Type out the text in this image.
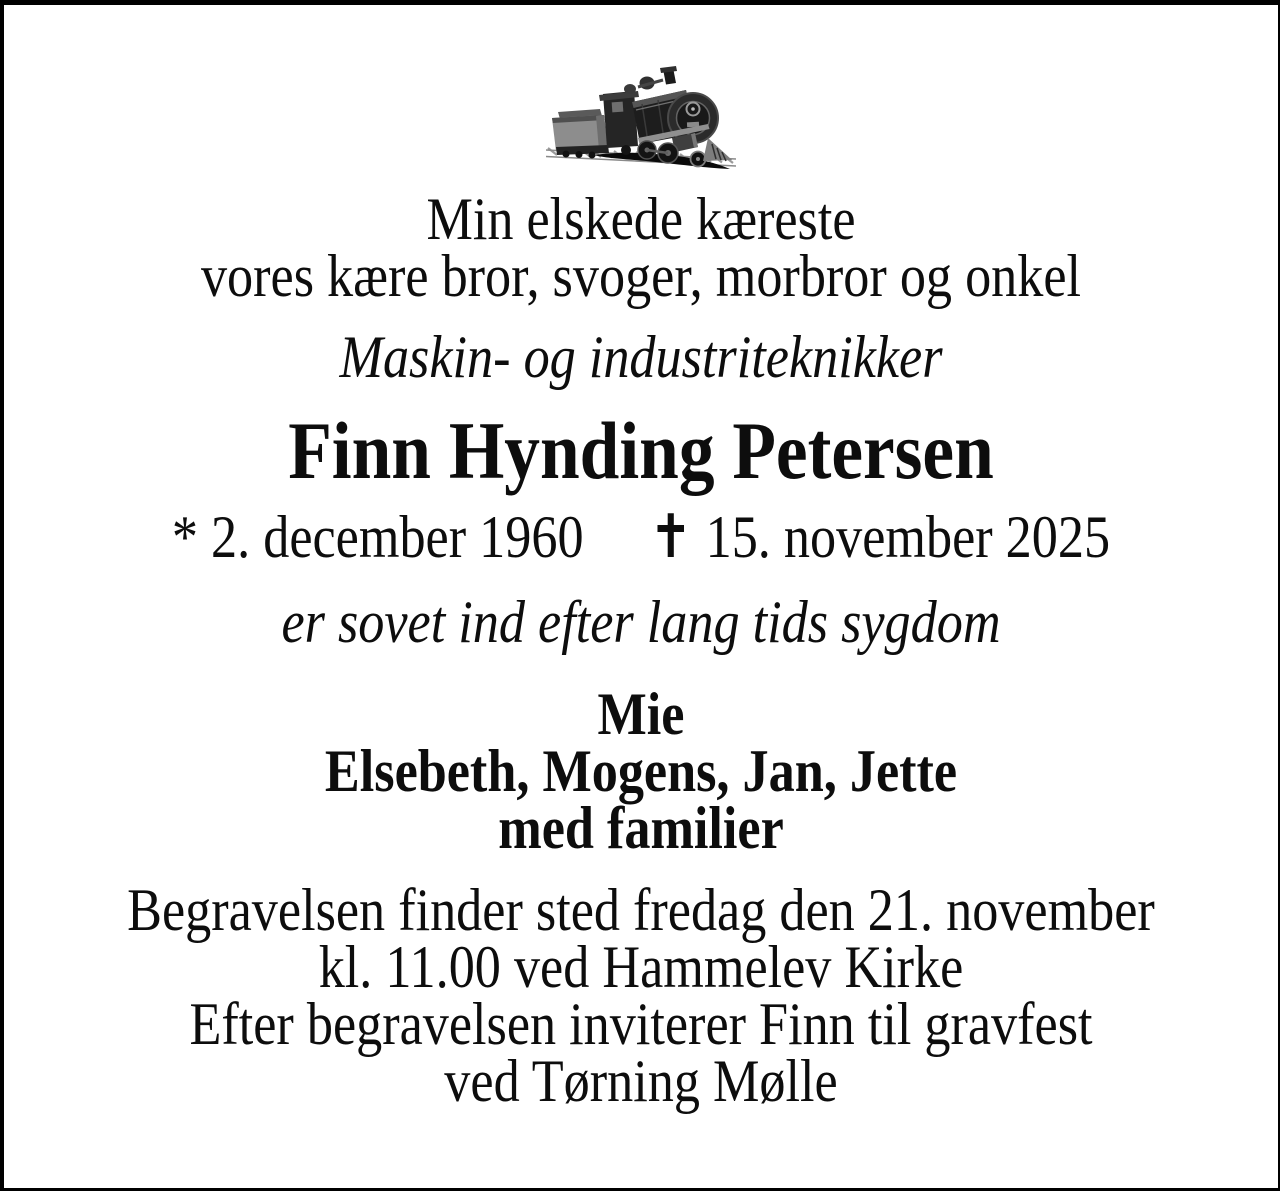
Min elskede kæreste
vores kære bror, svoger, morbror og onkel
Maskin- og industriteknikker
Finn Hynding Petersen
* 2. december 1960 ✝ 15. november 2025
er sovet ind efter lang tids sygdom
Mie
Elsebeth, Mogens, Jan, Jette
med familier
Begravelsen finder sted fredag den 21. november
kl. 11.00 ved Hammelev Kirke
Efter begravelsen inviterer Finn til gravfest
ved Tørning Mølle
